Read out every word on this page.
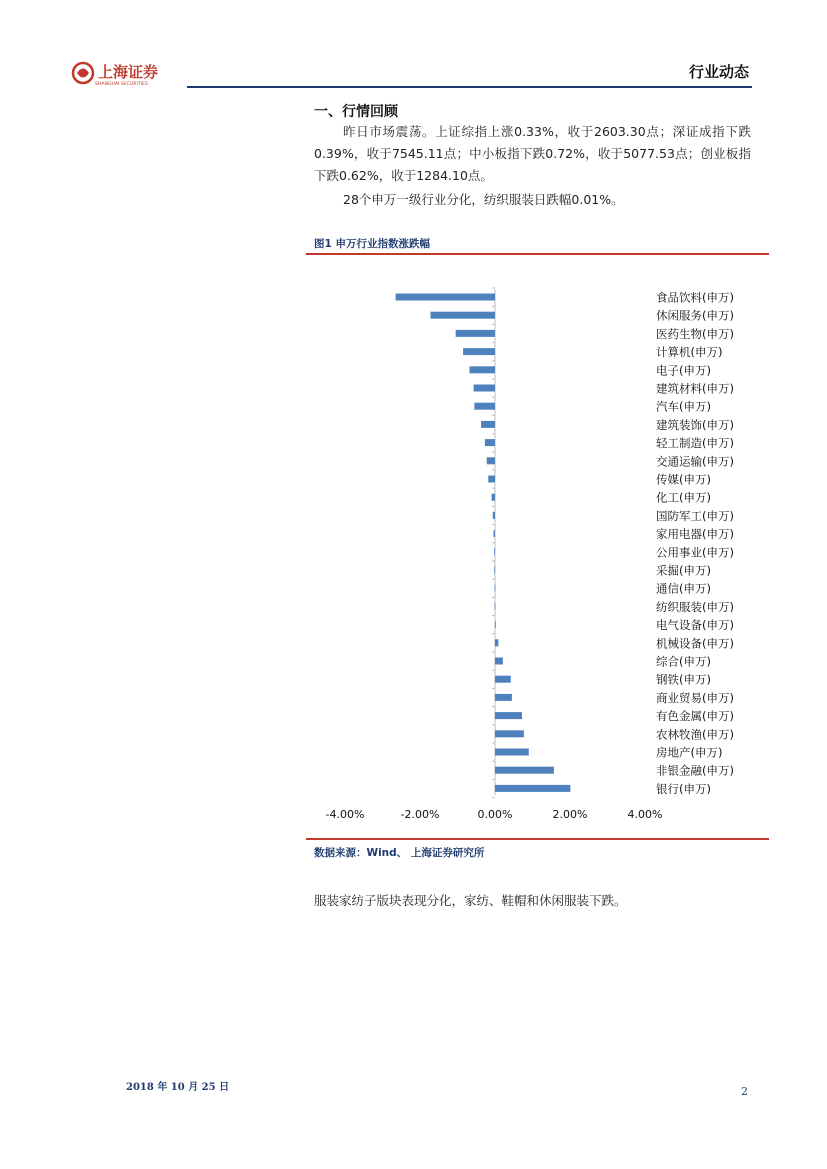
上海证券
SHANGHAI SECURITIES
行业动态
一、行情回顾

昨日市场震荡。上证综指上涨0.33%，收于2603.30点；深证成指下跌0.39%，收于7545.11点；中小板指下跌0.72%，收于5077.53点；创业板指下跌0.62%，收于1284.10点。

28个申万一级行业分化，纺织服装日跌幅0.01%。

图1 申万行业指数涨跌幅
食品饮料(申万)
休闲服务(申万)
医药生物(申万)
计算机(申万)
电子(申万)
建筑材料(申万)
汽车(申万)
建筑装饰(申万)
轻工制造(申万)
交通运输(申万)
传媒(申万)
化工(申万)
国防军工(申万)
家用电器(申万)
公用事业(申万)
采掘(申万)
通信(申万)
纺织服装(申万)
电气设备(申万)
机械设备(申万)
综合(申万)
钢铁(申万)
商业贸易(申万)
有色金属(申万)
农林牧渔(申万)
房地产(申万)
非银金融(申万)
银行(申万)
-4.00%	-2.00%	0.00%	2.00%	4.00%
数据来源：Wind、 上海证券研究所
服装家纺子版块表现分化，家纺、鞋帽和休闲服装下跌。
2018 年 10 月 25 日	2
